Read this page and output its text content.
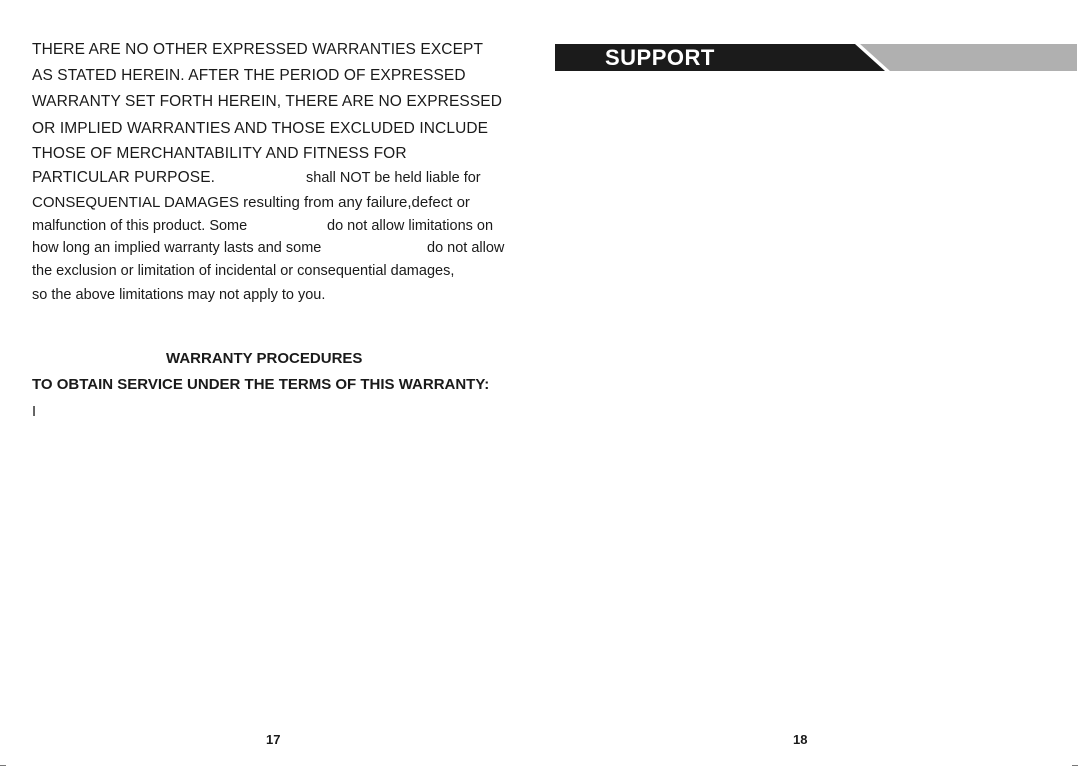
THERE ARE NO OTHER EXPRESSED WARRANTIES EXCEPT
AS STATED HEREIN. AFTER THE PERIOD OF EXPRESSED
WARRANTY SET FORTH HEREIN, THERE ARE NO EXPRESSED
OR IMPLIED WARRANTIES AND THOSE EXCLUDED INCLUDE
THOSE OF MERCHANTABILITY AND FITNESS FOR
PARTICULAR PURPOSE.	shall NOT be held liable for
CONSEQUENTIAL DAMAGES resulting from any failure,defect or
malfunction of this product. Some	do not allow limitations on
how long an implied warranty lasts and some	do not allow
the exclusion or limitation of incidental or consequential damages,
so the above limitations may not apply to you.
WARRANTY PROCEDURES
TO OBTAIN SERVICE UNDER THE TERMS OF THIS WARRANTY:
I
17
SUPPORT
18
